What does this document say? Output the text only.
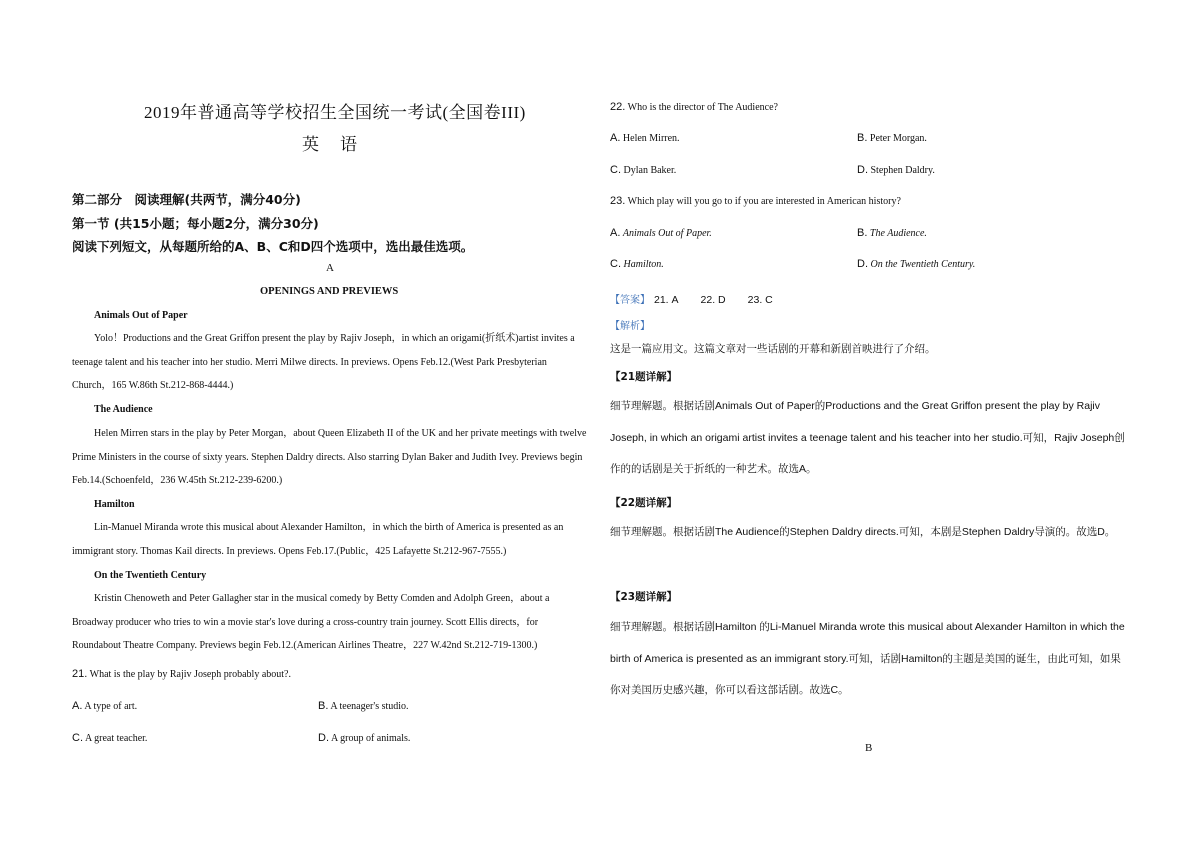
2019年普通高等学校招生全国统一考试(全国卷III)
英　语
第二部分　阅读理解(共两节，满分40分)
第一节 (共15小题；每小题2分，满分30分)
阅读下列短文，从每题所给的A、B、C和D四个选项中，选出最佳选项。
A
OPENINGS AND PREVIEWS
Animals Out of Paper
Yolo！Productions and the Great Griffon present the play by Rajiv Joseph，in which an origami(折纸术)artist invites a teenage talent and his teacher into her studio. Merri Milwe directs. In previews. Opens Feb.12.(West Park Presbyterian Church，165 W.86th St.212-868-4444.)
The Audience
Helen Mirren stars in the play by Peter Morgan，about Queen Elizabeth II of the UK and her private meetings with twelve Prime Ministers in the course of sixty years. Stephen Daldry directs. Also starring Dylan Baker and Judith Ivey. Previews begin Feb.14.(Schoenfeld，236 W.45th St.212-239-6200.)
Hamilton
Lin-Manuel Miranda wrote this musical about Alexander Hamilton，in which the birth of America is presented as an immigrant story. Thomas Kail directs. In previews. Opens Feb.17.(Public，425 Lafayette St.212-967-7555.)
On the Twentieth Century
Kristin Chenoweth and Peter Gallagher star in the musical comedy by Betty Comden and Adolph Green，about a Broadway producer who tries to win a movie star's love during a cross-country train journey. Scott Ellis directs，for Roundabout Theatre Company. Previews begin Feb.12.(American Airlines Theatre，227 W.42nd St.212-719-1300.)
21. What is the play by Rajiv Joseph probably about?.
A. A type of art.	B. A teenager's studio.
C. A great teacher.	D. A group of animals.
22. Who is the director of The Audience?
A. Helen Mirren.	B. Peter Morgan.
C. Dylan Baker.	D. Stephen Daldry.
23. Which play will you go to if you are interested in American history?
A. Animals Out of Paper.	B. The Audience.
C. Hamilton.	D. On the Twentieth Century.
【答案】 21. A 22. D 23. C
【解析】
这是一篇应用文。这篇文章对一些话剧的开幕和新剧首映进行了介绍。
【21题详解】
细节理解题。根据话剧Animals Out of Paper的Productions and the Great Griffon present the play by Rajiv Joseph, in which an origami artist invites a teenage talent and his teacher into her studio.可知，Rajiv Joseph创作的的话剧是关于折纸的一种艺术。故选A。
【22题详解】
细节理解题。根据话剧The Audience的Stephen Daldry directs.可知，本剧是Stephen Daldry导演的。故选D。
【23题详解】
细节理解题。根据话剧Hamilton 的Li-Manuel Miranda wrote this musical about Alexander Hamilton in which the birth of America is presented as an immigrant story.可知，话剧Hamilton的主题是美国的诞生，由此可知，如果你对美国历史感兴趣，你可以看这部话剧。故选C。
B
